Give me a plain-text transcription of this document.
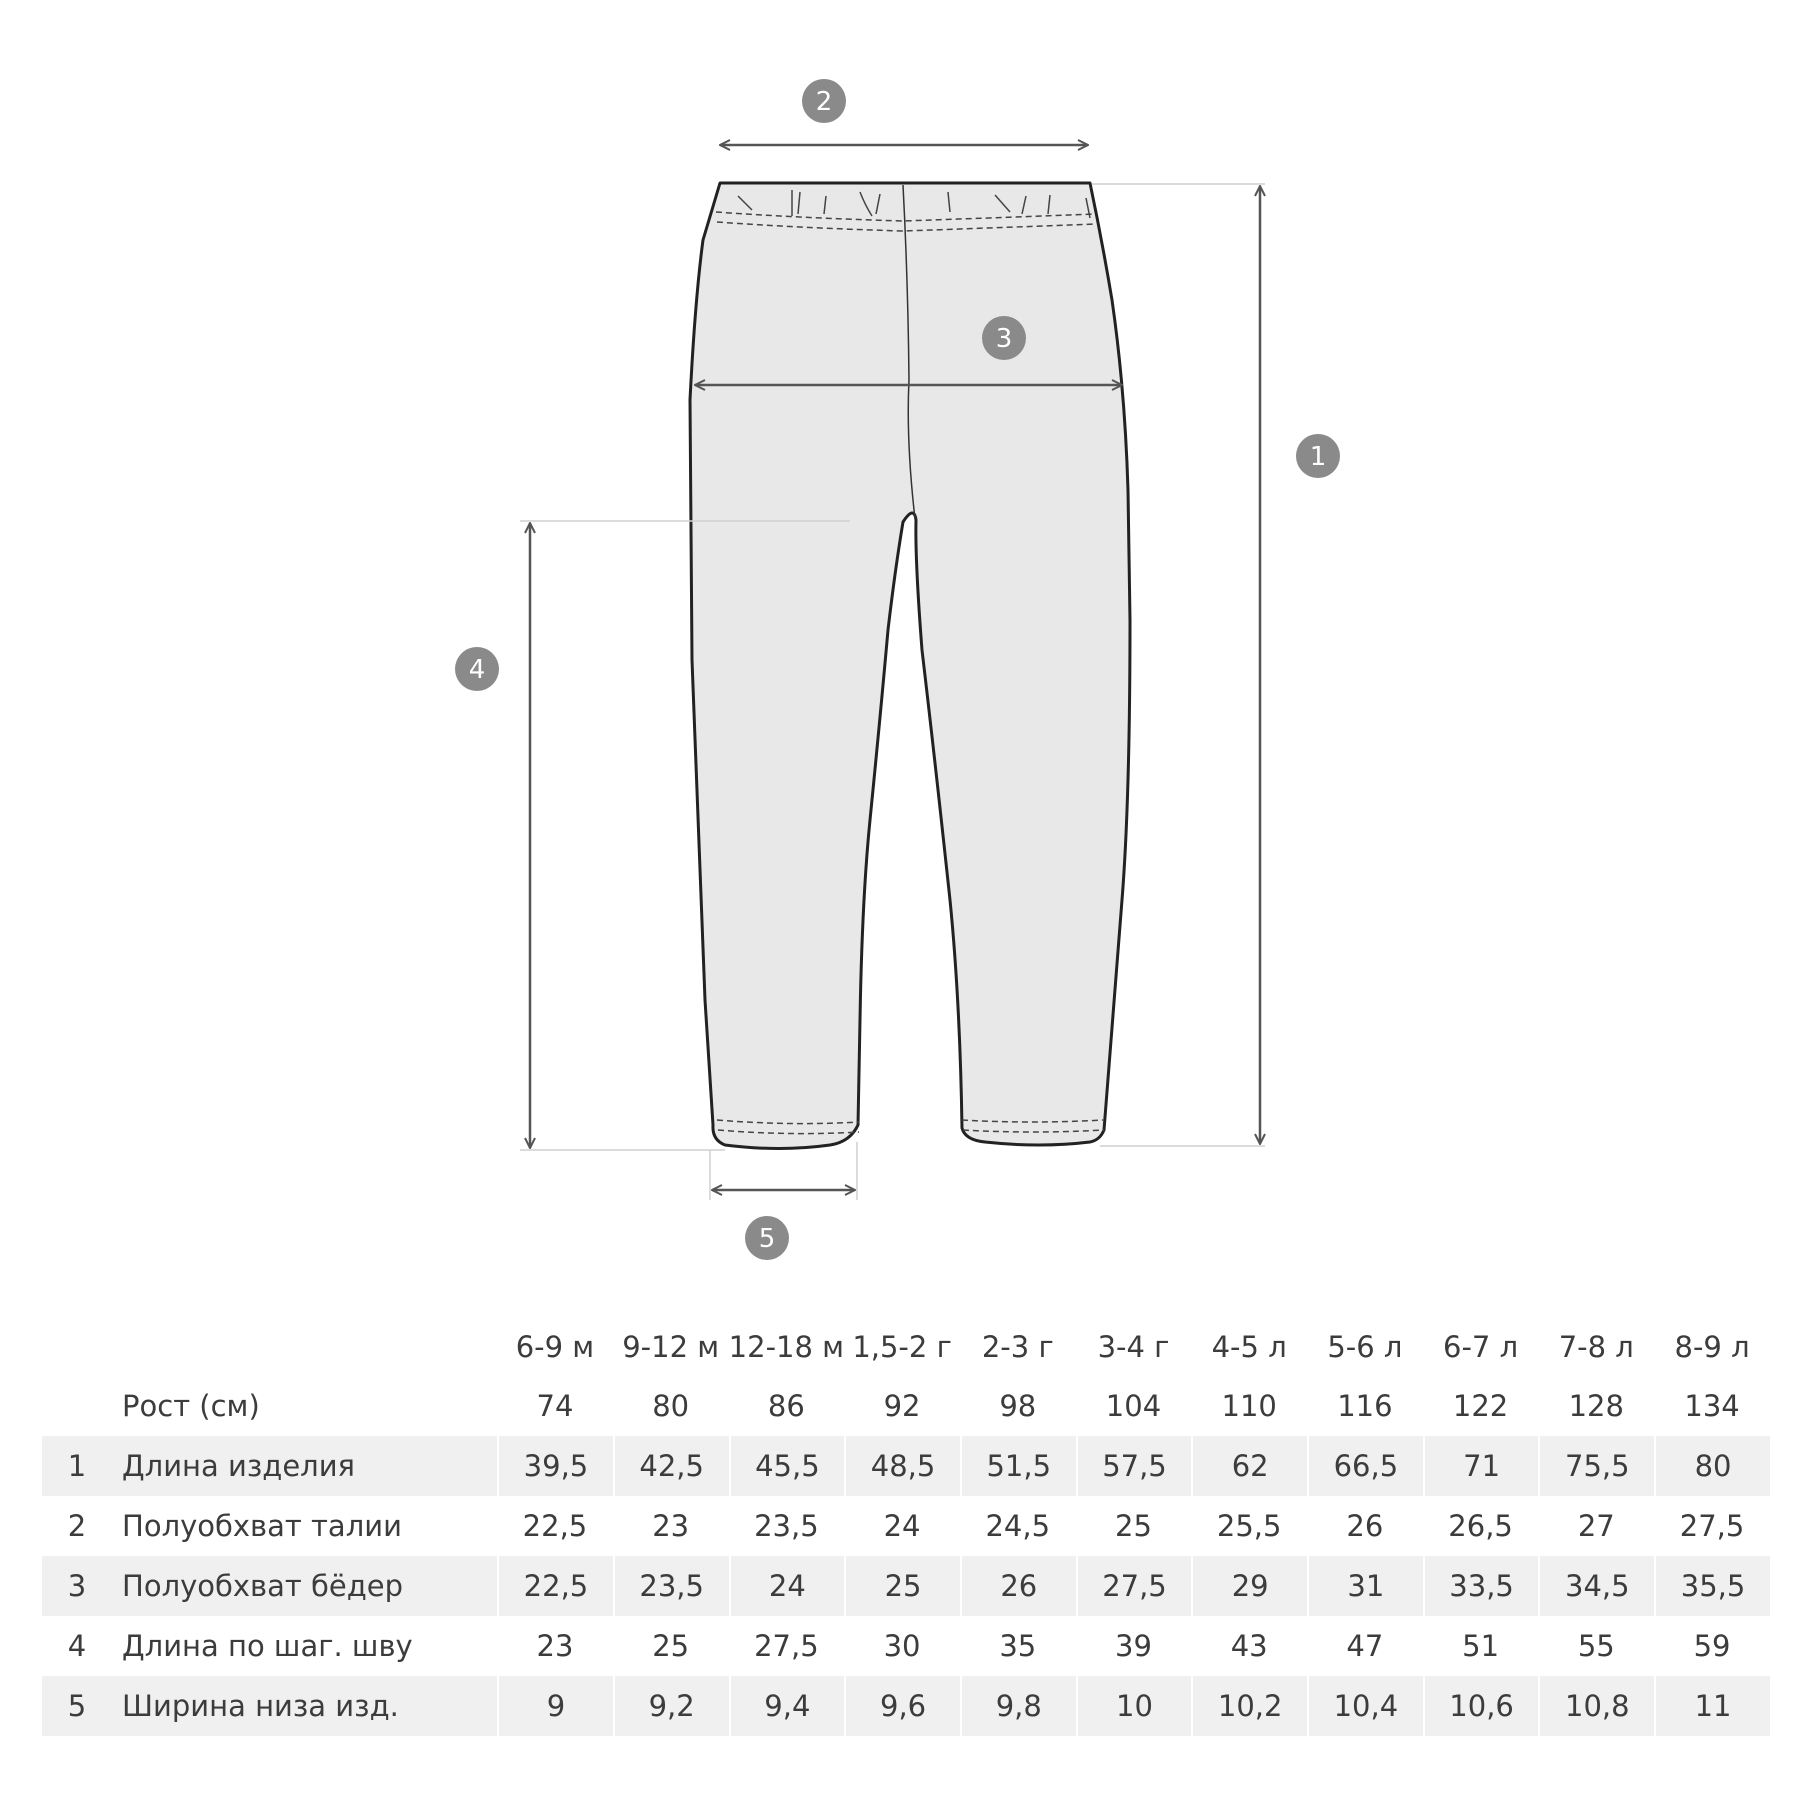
1
2
3
4
5
		6-9 м	9-12 м	12-18 м	1,5-2 г	2-3 г	3-4 г	4-5 л	5-6 л	6-7 л	7-8 л	8-9 л
	Рост (см)	74	80	86	92	98	104	110	116	122	128	134
1	Длина изделия	39,5	42,5	45,5	48,5	51,5	57,5	62	66,5	71	75,5	80
2	Полуобхват талии	22,5	23	23,5	24	24,5	25	25,5	26	26,5	27	27,5
3	Полуобхват бёдер	22,5	23,5	24	25	26	27,5	29	31	33,5	34,5	35,5
4	Длина по шаг. шву	23	25	27,5	30	35	39	43	47	51	55	59
5	Ширина низа изд.	9	9,2	9,4	9,6	9,8	10	10,2	10,4	10,6	10,8	11
